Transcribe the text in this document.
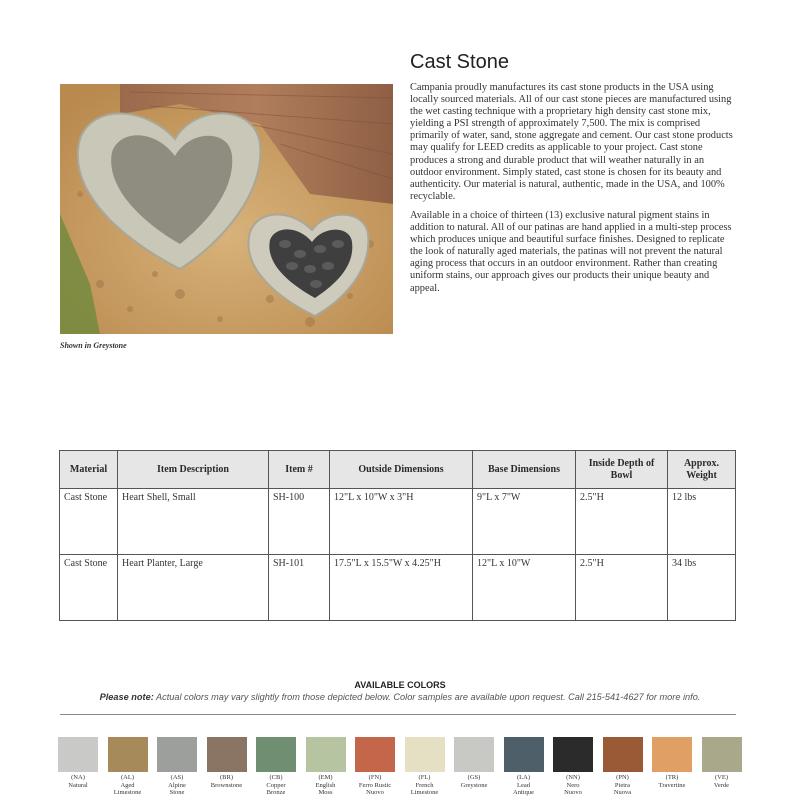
Shown in Greystone
Cast Stone

Campania proudly manufactures its cast stone products in the USA using locally sourced materials. All of our cast stone pieces are manufactured using the wet casting technique with a proprietary high density cast stone mix, yielding a PSI strength of approximately 7,500. The mix is comprised primarily of water, sand, stone aggregate and cement. Our cast stone products may qualify for LEED credits as applicable to your project. Cast stone produces a strong and durable product that will weather naturally in an outdoor environment. Simply stated, cast stone is chosen for its beauty and authenticity. Our material is natural, authentic, made in the USA, and 100% recyclable.

Available in a choice of thirteen (13) exclusive natural pigment stains in addition to natural. All of our patinas are hand applied in a multi-step process which produces unique and beautiful surface finishes. Designed to replicate the look of naturally aged materials, the patinas will not prevent the natural aging process that occurs in an outdoor environment. Rather than creating uniform stains, our approach gives our products their unique beauty and appeal.

Material	Item Description	Item #	Outside Dimensions	Base Dimensions	Inside Depth of Bowl	Approx. Weight
Cast Stone	Heart Shell, Small	SH-100	12"L x 10"W x 3"H	9"L x 7"W	2.5"H	12 lbs
Cast Stone	Heart Planter, Large	SH-101	17.5"L x 15.5"W x 4.25"H	12"L x 10"W	2.5"H	34 lbs
AVAILABLE COLORS
Please note: Actual colors may vary slightly from those depicted below. Color samples are available upon request. Call 215-541-4627 for more info.
(NA)
Natural
(AL)
Aged
Limestone
(AS)
Alpine
Stone
(BR)
Brownstone
(CB)
Copper
Bronze
(EM)
English
Moss
(FN)
Ferro Rustic
Nuovo
(FL)
French
Limestone
(GS)
Greystone
(LA)
Lead
Antique
(NN)
Nero
Nuovo
(PN)
Pietra
Nuova
(TR)
Travertine
(VE)
Verde
